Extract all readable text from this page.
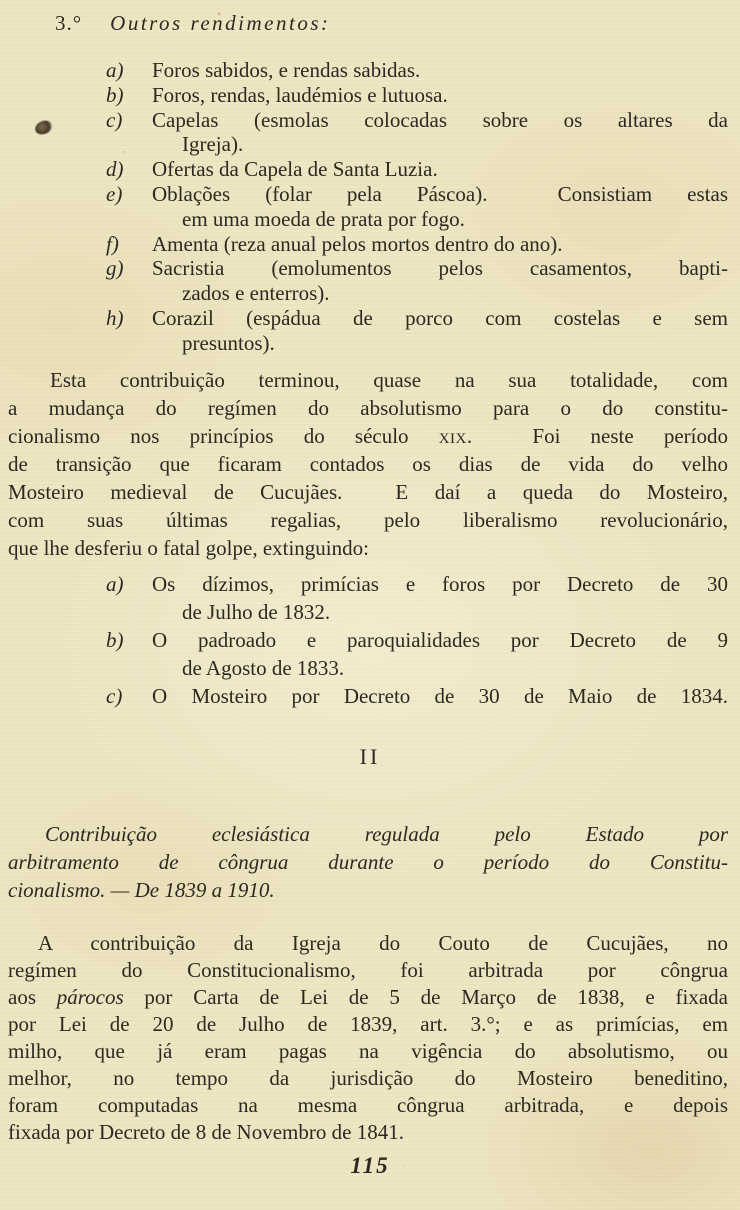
3.° Outros rendimentos:
a)	Foros sabidos, e rendas sabidas.
b)	Foros, rendas, laudémios e lutuosa.
c)	Capelas (esmolas colocadas sobre os altares da
Igreja).
d)	Ofertas da Capela de Santa Luzia.
e)	Oblações (folar pela Páscoa).  Consistiam estas
em uma moeda de prata por fogo.
f)	Amenta (reza anual pelos mortos dentro do ano).
g)	Sacristia (emolumentos pelos casamentos, bapti-
zados e enterros).
h)	Corazil (espádua de porco com costelas e sem
presuntos).
Esta contribuição terminou, quase na sua totalidade, com
a mudança do regímen do absolutismo para o do constitu-
cionalismo nos princípios do século xix.  Foi neste período
de transição que ficaram contados os dias de vida do velho
Mosteiro medieval de Cucujães.  E daí a queda do Mosteiro,
com suas últimas regalias, pelo liberalismo revolucionário,
que lhe desferiu o fatal golpe, extinguindo:
a)	Os dízimos, primícias e foros por Decreto de 30
de Julho de 1832.
b)	O padroado e paroquialidades por Decreto de 9
de Agosto de 1833.
c)	O Mosteiro por Decreto de 30 de Maio de 1834.
II
Contribuição eclesiástica regulada pelo Estado por
arbitramento de côngrua durante o período do Constitu-
cionalismo. — De 1839 a 1910.
A contribuição da Igreja do Couto de Cucujães, no
regímen do Constitucionalismo, foi arbitrada por côngrua
aos párocos por Carta de Lei de 5 de Março de 1838, e fixada
por Lei de 20 de Julho de 1839, art. 3.°; e as primícias, em
milho, que já eram pagas na vigência do absolutismo, ou
melhor, no tempo da jurisdição do Mosteiro beneditino,
foram computadas na mesma côngrua arbitrada, e depois
fixada por Decreto de 8 de Novembro de 1841.
115
